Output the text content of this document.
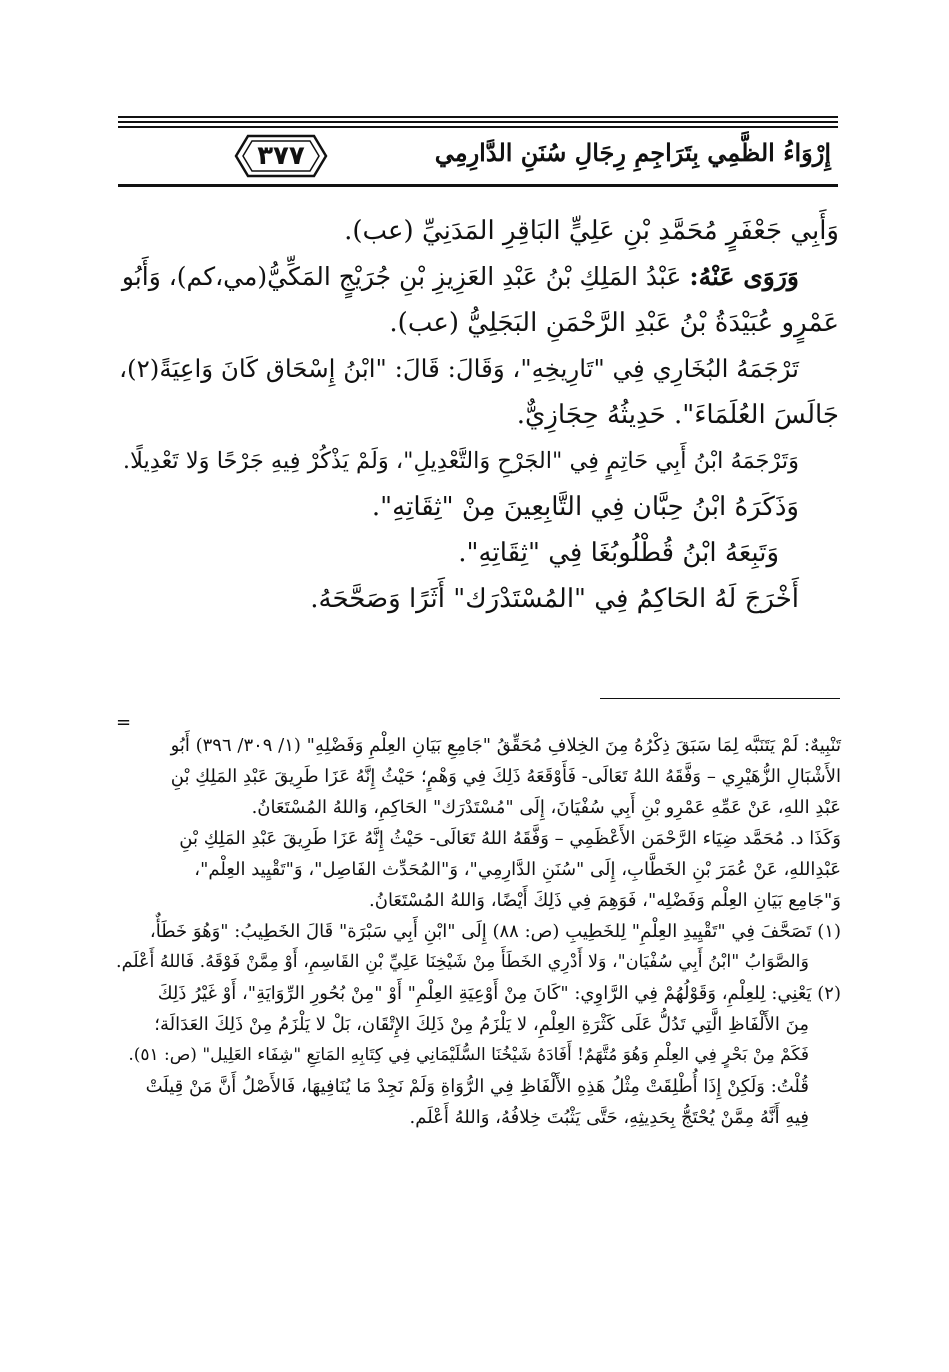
٣٧٧	إِرْوَاءُ الظَّمِي بِتَرَاجِمِ رِجَالِ سُنَنِ الدَّارِمِي

وَأَبِي جَعْفَرٍ مُحَمَّدِ بْنِ عَلِيٍّ البَاقِرِ المَدَنِيِّ (عب).

وَرَوَى عَنْهُ: عَبْدُ المَلِكِ بْنُ عَبْدِ العَزِيزِ بْنِ جُرَيْجٍ المَكِّيُّ(مي،كم)، وَأَبُو

عَمْرٍو عُبَيْدَةُ بْنُ عَبْدِ الرَّحْمَنِ البَجَلِيُّ (عب).

تَرْجَمَهُ البُخَارِي فِي "تَارِيخِهِ"، وَقَالَ: قَالَ: "ابْنُ إِسْحَاق كَانَ وَاعِيَةً(٢)،

جَالَسَ العُلَمَاءَ". حَدِيثُهُ حِجَازِيٌّ.

وَتَرْجَمَهُ ابْنُ أَبِي حَاتِمٍ فِي "الجَرْحِ وَالتَّعْدِيلِ"، وَلَمْ يَذْكُرْ فِيهِ جَرْحًا وَلا تَعْدِيلًا.

وَذَكَرَهُ ابْنُ حِبَّان فِي التَّابِعِينَ مِنْ "ثِقَاتِهِ".

وَتَبِعَهُ ابْنُ قُطْلُوبُغَا فِي "ثِقَاتِهِ".

أَخْرَجَ لَهُ الحَاكِمُ فِي "المُسْتَدْرَك" أَثَرًا وَصَحَّحَهُ.

=

تَنْبِيهٌ: لَمْ يَتَنَبَّه لِمَا سَبَقَ ذِكْرُهُ مِنَ الخِلافِ مُحَقِّقُ "جَامِعِ بَيَانِ العِلْمِ وَفَضْلِهِ" (١/ ٣٠٩/ ٣٩٦) أَبُو

الأَشْبَالِ الزُّهَيْرِي – وَفَّقَهُ اللهُ تَعَالَى- فَأَوْقَعَهُ ذَلِكَ فِي وَهْمٍ؛ حَيْثُ إِنَّهُ عَزَا طَرِيقَ عَبْدِ المَلِكِ بْنِ

عَبْدِ اللهِ، عَنْ عَمِّهِ عَمْرِو بْنِ أَبِي سُفْيَانَ، إِلَى "مُسْتَدْرَك" الحَاكِمِ، وَاللهُ المُسْتَعَانُ.

وَكَذَا د. مُحَمَّد ضِيَاء الرَّحْمَن الأَعْظَمِي – وَفَّقَهُ اللهُ تَعَالَى- حَيْثُ إِنَّهُ عَزَا طَرِيقَ عَبْدِ المَلِكِ بْنِ

عَبْدِاللهِ، عَنْ عُمَرَ بْنِ الخَطَّابِ، إِلَى "سُنَنِ الدَّارِمِي"، وَ"المُحَدِّث الفَاصِل"، وَ"تَقْيِيد العِلْم"،

وَ"جَامِع بَيَانِ العِلْم وَفَضْلِه"، فَوَهِمَ فِي ذَلِكَ أَيْضًا، وَاللهُ المُسْتَعَانُ.

(١) تَصَحَّفَ فِي "تَقْيِيدِ العِلْمِ" لِلخَطِيبِ (ص: ٨٨) إِلَى "ابْنِ أَبِي سَبْرَة" قَالَ الخَطِيبُ: "وَهُوَ خَطَأٌ،

وَالصَّوَابُ "ابْنُ أَبِي سُفْيَان"، وَلا أَدْرِي الخَطَأَ مِنْ شَيْخِنَا عَلِيِّ بْنِ القَاسِمِ، أَوْ مِمَّنْ فَوْقَهُ. فَاللهُ أَعْلَم.

(٢) يَعْنِي: لِلعِلْمِ، وَقَوْلُهُمْ فِي الرَّاوِي: "كَانَ مِنْ أَوْعِيَةِ العِلْمِ" أَوْ "مِنْ بُحُورِ الرِّوَايَةِ"، أَوْ غَيْرُ ذَلِكَ

مِنَ الأَلْفَاظِ الَّتِي تَدُلُّ عَلَى كَثْرَةِ العِلْمِ، لا يَلْزَمُ مِنْ ذَلِكَ الإِتْقَان، بَلْ لا يَلْزَمُ مِنْ ذَلِكَ العَدَالَة؛

فَكَمْ مِنْ بَحْرٍ فِي العِلْمِ وَهُوَ مُتَّهَمٌ! أَفَادَهُ شَيْخُنَا السُّلَيْمَانِي فِي كِتَابِهِ المَاتِعِ "شِفَاء العَلِيل" (ص: ٥١).

قُلْتُ: وَلَكِنْ إِذَا أُطْلِقَتْ مِثْلُ هَذِهِ الأَلْفَاظِ فِي الرُّوَاةِ وَلَمْ نَجِدْ مَا يُنَافِيهَا، فَالأَصْلُ أَنَّ مَنْ قِيلَتْ

فِيهِ أَنَّهُ مِمَّنْ يُحْتَجُّ بِحَدِيثِهِ، حَتَّى يَثْبُتَ خِلافُهُ، وَاللهُ أَعْلَم.
